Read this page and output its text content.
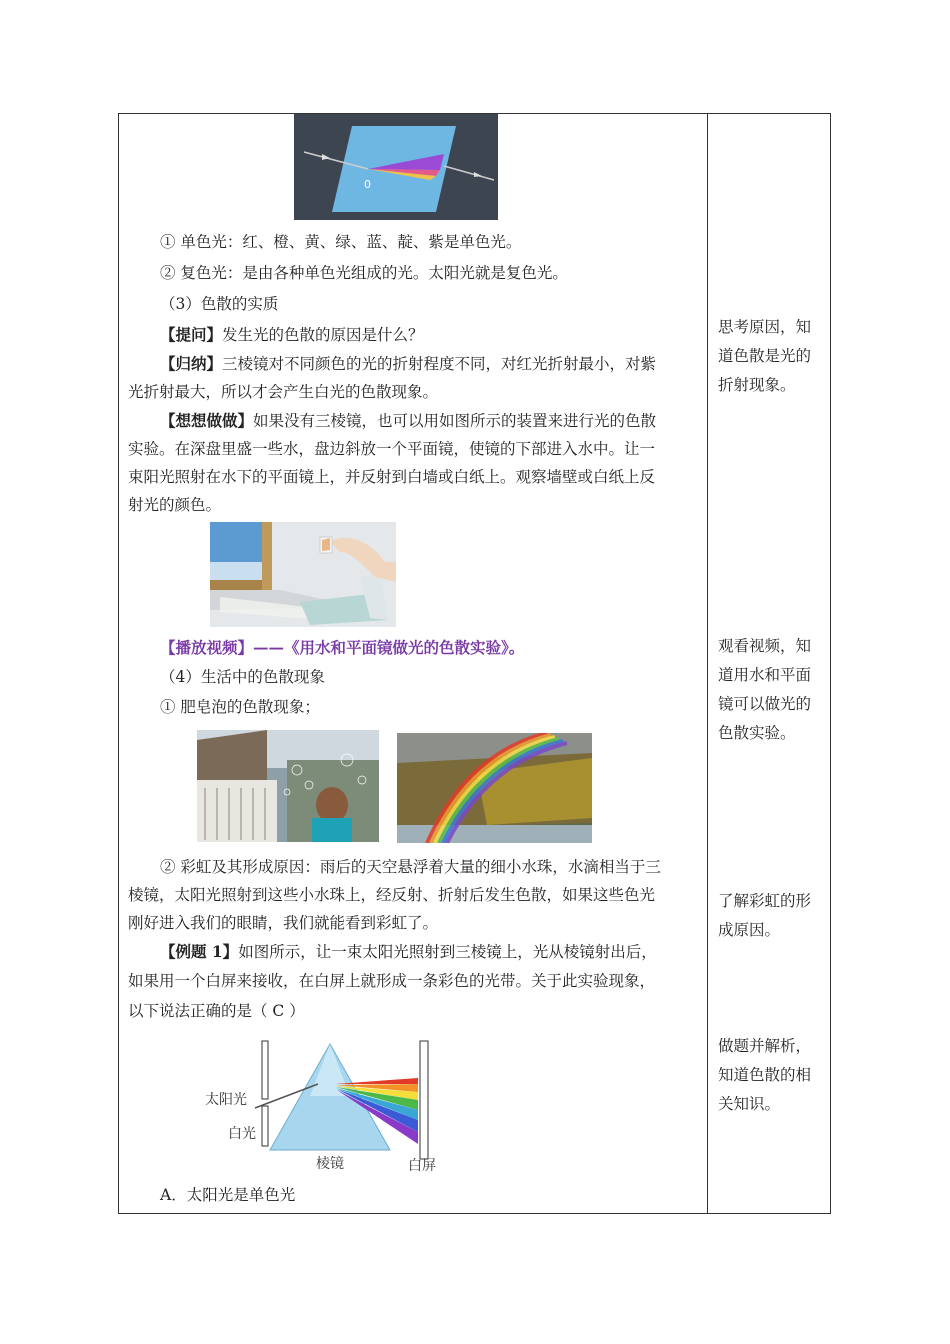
0
① 单色光：红、橙、黄、绿、蓝、靛、紫是单色光。
② 复色光：是由各种单色光组成的光。太阳光就是复色光。
（3）色散的实质
【提问】发生光的色散的原因是什么？
【归纳】三棱镜对不同颜色的光的折射程度不同，对红光折射最小，对紫
光折射最大，所以才会产生白光的色散现象。
【想想做做】如果没有三棱镜，也可以用如图所示的装置来进行光的色散
实验。在深盘里盛一些水，盘边斜放一个平面镜，使镜的下部进入水中。让一
束阳光照射在水下的平面镜上，并反射到白墙或白纸上。观察墙壁或白纸上反
射光的颜色。
【播放视频】——《用水和平面镜做光的色散实验》。
（4）生活中的色散现象
① 肥皂泡的色散现象；
② 彩虹及其形成原因：雨后的天空悬浮着大量的细小水珠，水滴相当于三
棱镜，太阳光照射到这些小水珠上，经反射、折射后发生色散，如果这些色光
刚好进入我们的眼睛，我们就能看到彩虹了。
【例题 1】如图所示，让一束太阳光照射到三棱镜上，光从棱镜射出后，
如果用一个白屏来接收，在白屏上就形成一条彩色的光带。关于此实验现象，
以下说法正确的是（ C ）
太阳光
白光
棱镜	白屏
A．太阳光是单色光
思考原因，知道色散是光的折射现象。
观看视频，知道用水和平面镜可以做光的色散实验。
了解彩虹的形成原因。
做题并解析，知道色散的相关知识。
